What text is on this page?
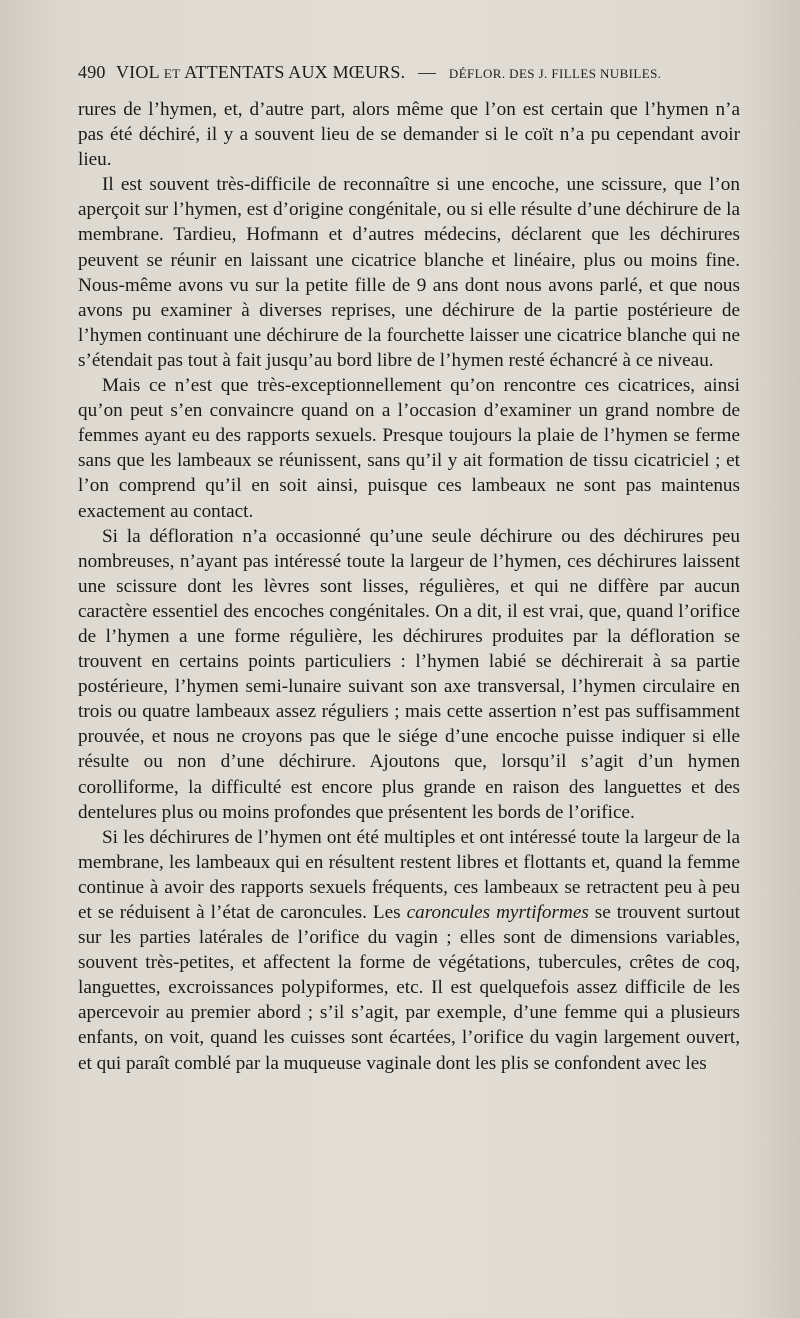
490 VIOL ET ATTENTATS AUX MŒURS. — DÉFLOR. DES J. FILLES NUBILES.

rures de l’hymen, et, d’autre part, alors même que l’on est certain que l’hymen n’a pas été déchiré, il y a souvent lieu de se demander si le coït n’a pu cependant avoir lieu.

Il est souvent très-difficile de reconnaître si une encoche, une scissure, que l’on aperçoit sur l’hymen, est d’origine congénitale, ou si elle résulte d’une déchirure de la membrane. Tardieu, Hofmann et d’autres médecins, déclarent que les déchirures peuvent se réunir en laissant une cicatrice blanche et linéaire, plus ou moins fine. Nous-même avons vu sur la petite fille de 9 ans dont nous avons parlé, et que nous avons pu examiner à diverses reprises, une déchirure de la partie postérieure de l’hymen continuant une déchirure de la fourchette laisser une cicatrice blanche qui ne s’étendait pas tout à fait jusqu’au bord libre de l’hymen resté échancré à ce niveau.

Mais ce n’est que très-exceptionnellement qu’on rencontre ces cicatrices, ainsi qu’on peut s’en convaincre quand on a l’occasion d’examiner un grand nombre de femmes ayant eu des rapports sexuels. Presque toujours la plaie de l’hymen se ferme sans que les lambeaux se réunissent, sans qu’il y ait formation de tissu cicatriciel ; et l’on comprend qu’il en soit ainsi, puisque ces lambeaux ne sont pas maintenus exactement au contact.

Si la défloration n’a occasionné qu’une seule déchirure ou des déchirures peu nombreuses, n’ayant pas intéressé toute la largeur de l’hymen, ces déchirures laissent une scissure dont les lèvres sont lisses, régulières, et qui ne diffère par aucun caractère essentiel des encoches congénitales. On a dit, il est vrai, que, quand l’orifice de l’hymen a une forme régulière, les déchirures produites par la défloration se trouvent en certains points particuliers : l’hymen labié se déchirerait à sa partie postérieure, l’hymen semi-lunaire suivant son axe transversal, l’hymen circulaire en trois ou quatre lambeaux assez réguliers ; mais cette assertion n’est pas suffisamment prouvée, et nous ne croyons pas que le siége d’une encoche puisse indiquer si elle résulte ou non d’une déchirure. Ajoutons que, lorsqu’il s’agit d’un hymen corolliforme, la difficulté est encore plus grande en raison des languettes et des dentelures plus ou moins profondes que présentent les bords de l’orifice.

Si les déchirures de l’hymen ont été multiples et ont intéressé toute la largeur de la membrane, les lambeaux qui en résultent restent libres et flottants et, quand la femme continue à avoir des rapports sexuels fréquents, ces lambeaux se retractent peu à peu et se réduisent à l’état de caroncules. Les caroncules myrtiformes se trouvent surtout sur les parties latérales de l’orifice du vagin ; elles sont de dimensions variables, souvent très-petites, et affectent la forme de végétations, tubercules, crêtes de coq, languettes, excroissances polypiformes, etc. Il est quelquefois assez difficile de les apercevoir au premier abord ; s’il s’agit, par exemple, d’une femme qui a plusieurs enfants, on voit, quand les cuisses sont écartées, l’orifice du vagin largement ouvert, et qui paraît comblé par la muqueuse vaginale dont les plis se confondent avec les
